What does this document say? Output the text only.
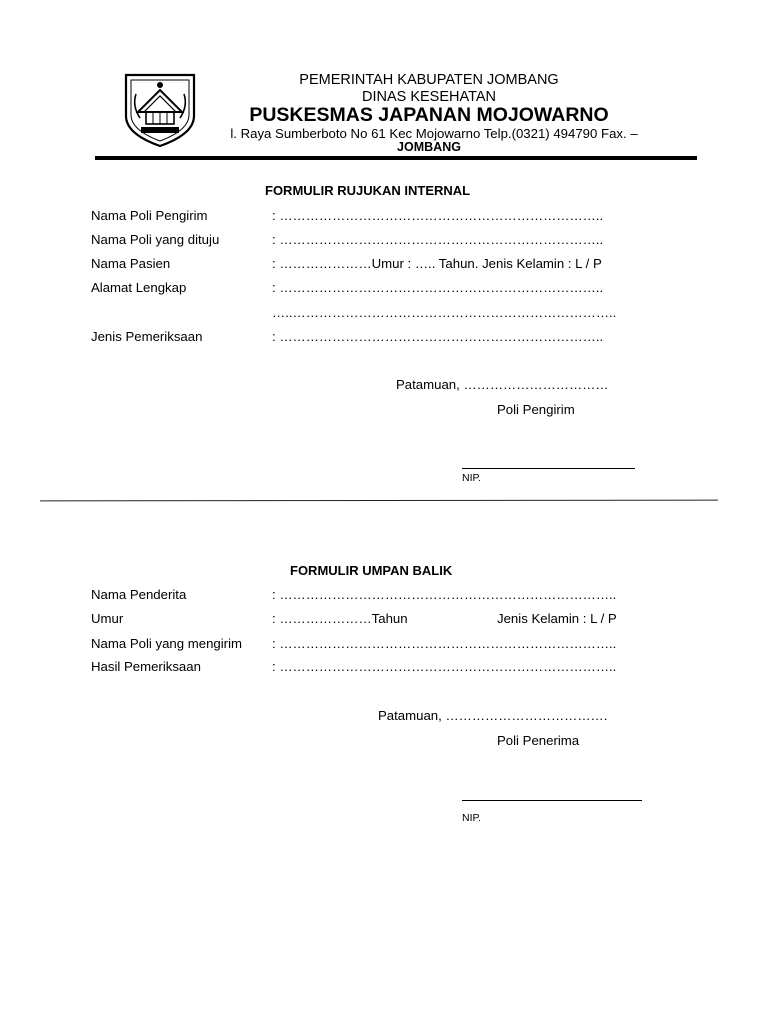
PEMERINTAH KABUPATEN JOMBANG
DINAS KESEHATAN
PUSKESMAS JAPANAN MOJOWARNO
l. Raya Sumberboto No 61 Kec Mojowarno Telp.(0321) 494790 Fax. –
JOMBANG
FORMULIR RUJUKAN INTERNAL
Nama Poli Pengirim	: ………………………………………………………………..
Nama Poli yang dituju	: ………………………………………………………………..
Nama Pasien	: …………………Umur : ….. Tahun. Jenis Kelamin : L / P
Alamat Lengkap	: ………………………………………………………………..
…..………………………………………………………………..
Jenis Pemeriksaan	: ………………………………………………………………..
Patamuan, ……………………………
Poli Pengirim
NIP.
FORMULIR UMPAN BALIK
Nama Penderita	: …………………………………………………………………..
Umur	: …………………Tahun	Jenis Kelamin : L / P
Nama Poli yang mengirim : …………………………………………………………………..
Hasil Pemeriksaan	: …………………………………………………………………..
Patamuan, ……………………………….
Poli Penerima
NIP.
